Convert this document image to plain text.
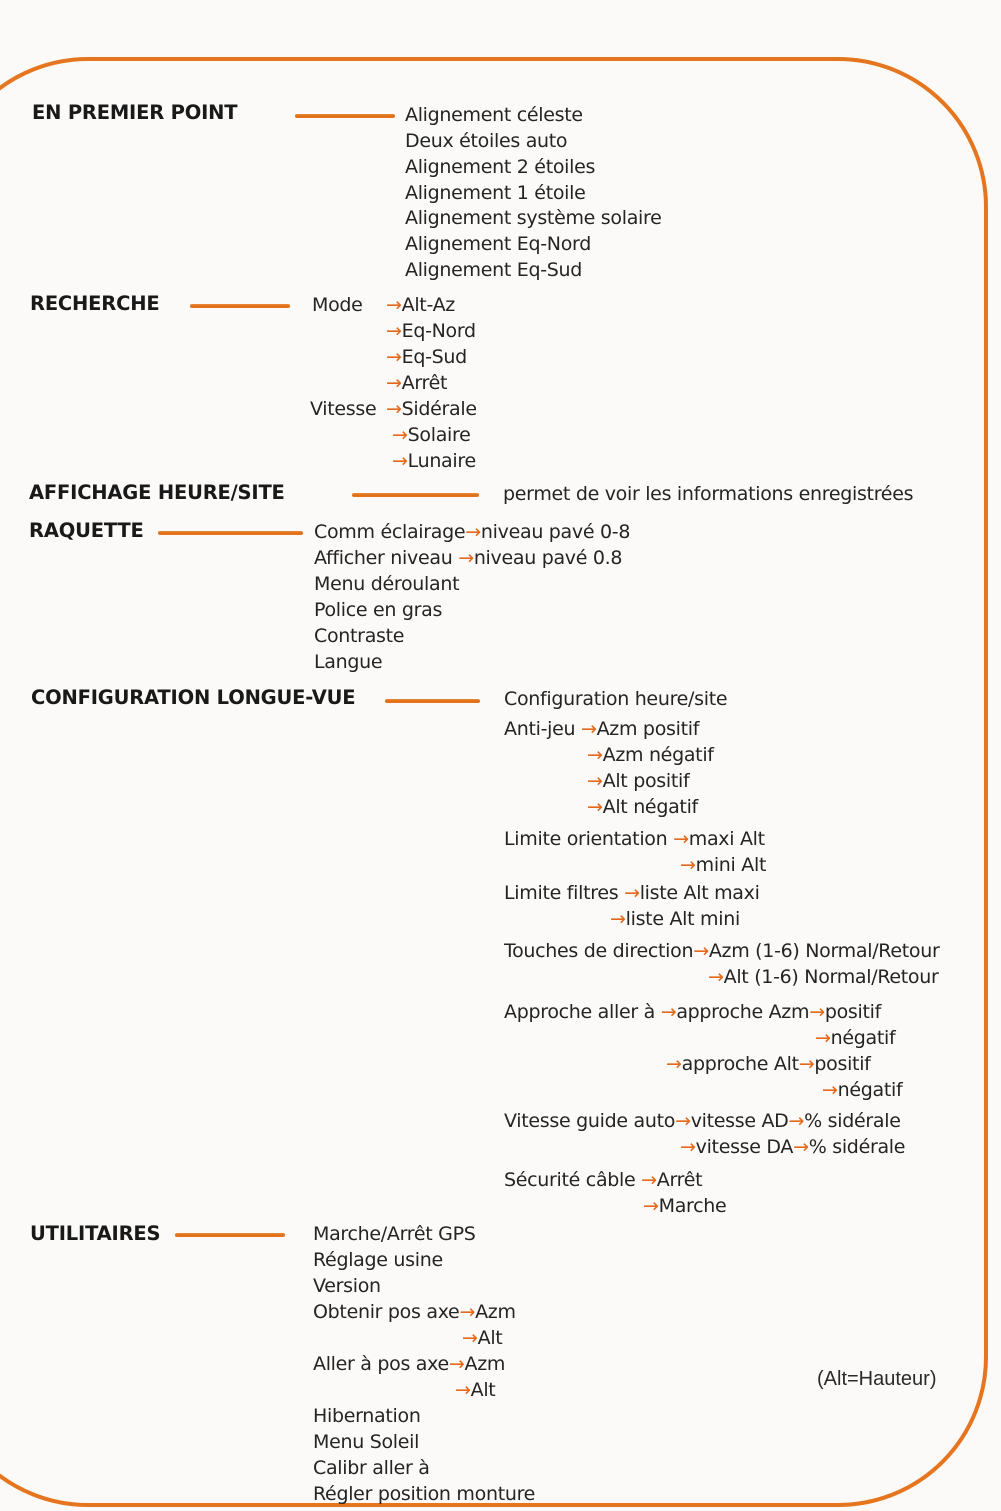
EN PREMIER POINT	Alignement céleste
Deux étoiles auto
Alignement 2 étoiles
Alignement 1 étoile
Alignement système solaire
Alignement Eq-Nord
Alignement Eq-Sud
RECHERCHE	Mode →Alt-Az
→Eq-Nord
→Eq-Sud
→Arrêt
Vitesse →Sidérale
→Solaire
→Lunaire
AFFICHAGE HEURE/SITE	permet de voir les informations enregistrées
RAQUETTE	Comm éclairage→niveau pavé 0-8
Afficher niveau →niveau pavé 0.8
Menu déroulant
Police en gras
Contraste
Langue
CONFIGURATION LONGUE-VUE	Configuration heure/site
Anti-jeu →Azm positif
→Azm négatif
→Alt positif
→Alt négatif
Limite orientation →maxi Alt
→mini Alt
Limite filtres →liste Alt maxi
→liste Alt mini
Touches de direction→Azm (1-6) Normal/Retour
→Alt (1-6) Normal/Retour
Approche aller à →approche Azm→positif
→négatif
→approche Alt→positif
→négatif
Vitesse guide auto→vitesse AD→% sidérale
→vitesse DA→% sidérale
Sécurité câble →Arrêt
→Marche
UTILITAIRES	Marche/Arrêt GPS
Réglage usine
Version
Obtenir pos axe→Azm
→Alt
Aller à pos axe→Azm
→Alt
Hibernation
Menu Soleil
Calibr aller à
Régler position monture
(Alt=Hauteur)
